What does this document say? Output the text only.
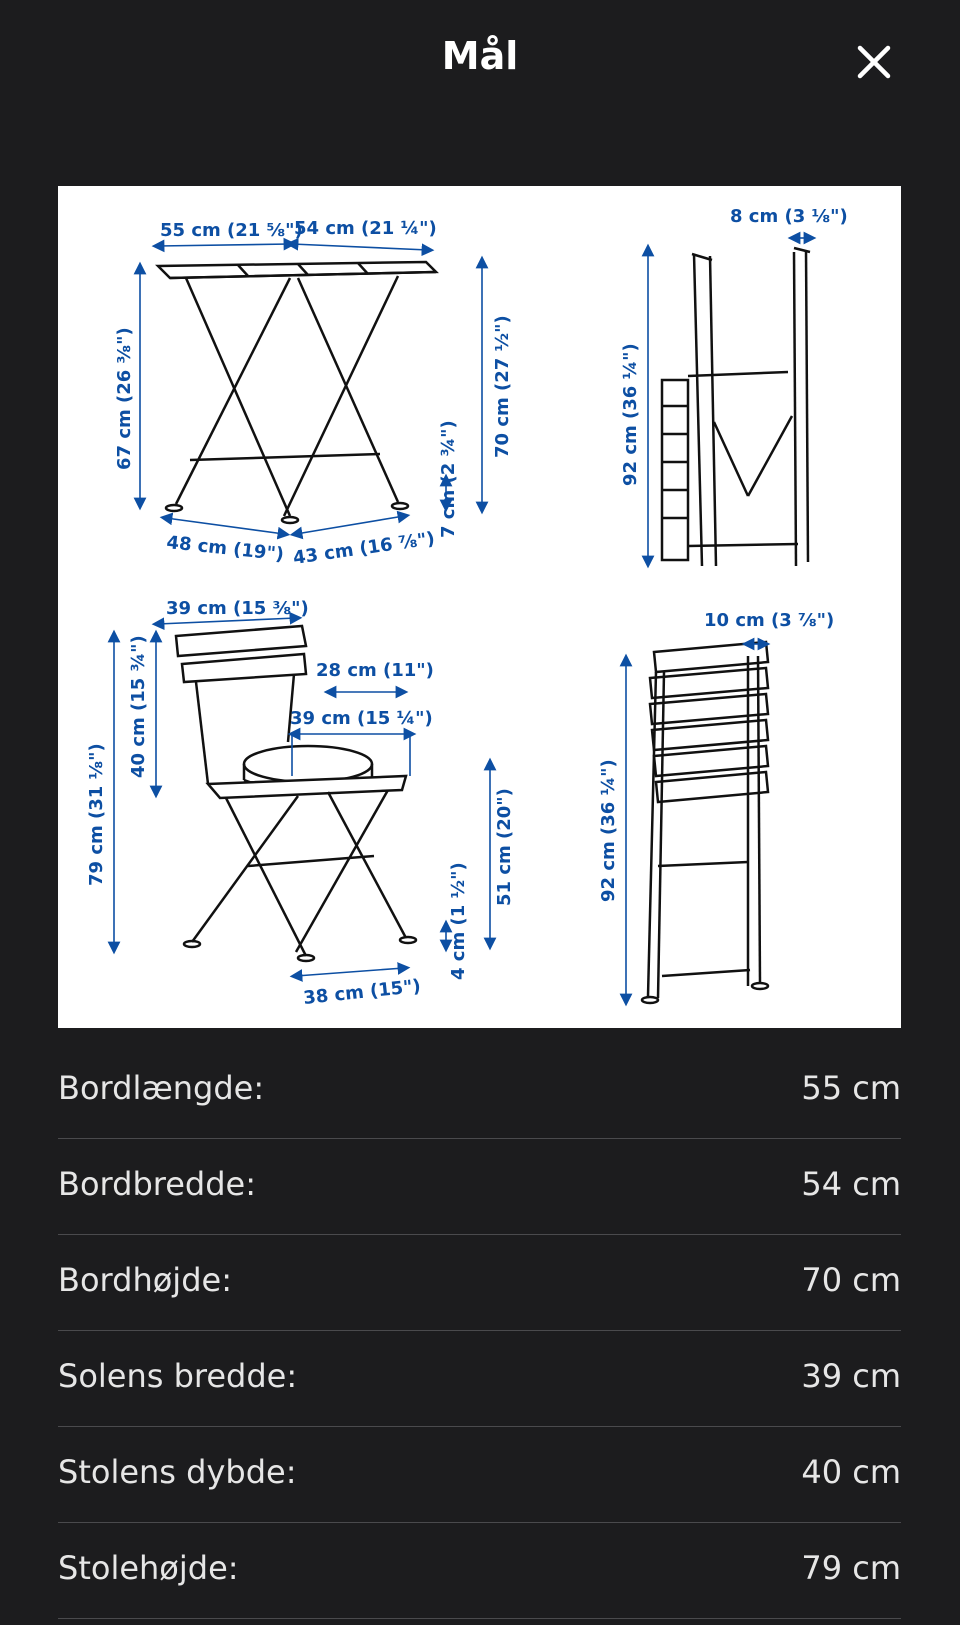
Mål
55 cm (21 ⅝")
54 cm (21 ¼")
67 cm (26 ⅜")	70 cm (27 ½")
7 cm (2 ¾")
48 cm (19") 43 cm (16 ⅞")
8 cm (3 ⅛")
92 cm (36 ¼")
39 cm (15 ⅜")
40 cm (15 ¾")
79 cm (31 ⅛")
28 cm (11")
39 cm (15 ¼")
51 cm (20")
4 cm (1 ½")
38 cm (15")
10 cm (3 ⅞")
92 cm (36 ¼")
Bordlængde:	55 cm
Bordbredde:	54 cm
Bordhøjde:	70 cm
Solens bredde:	39 cm
Stolens dybde:	40 cm
Stolehøjde:	79 cm
